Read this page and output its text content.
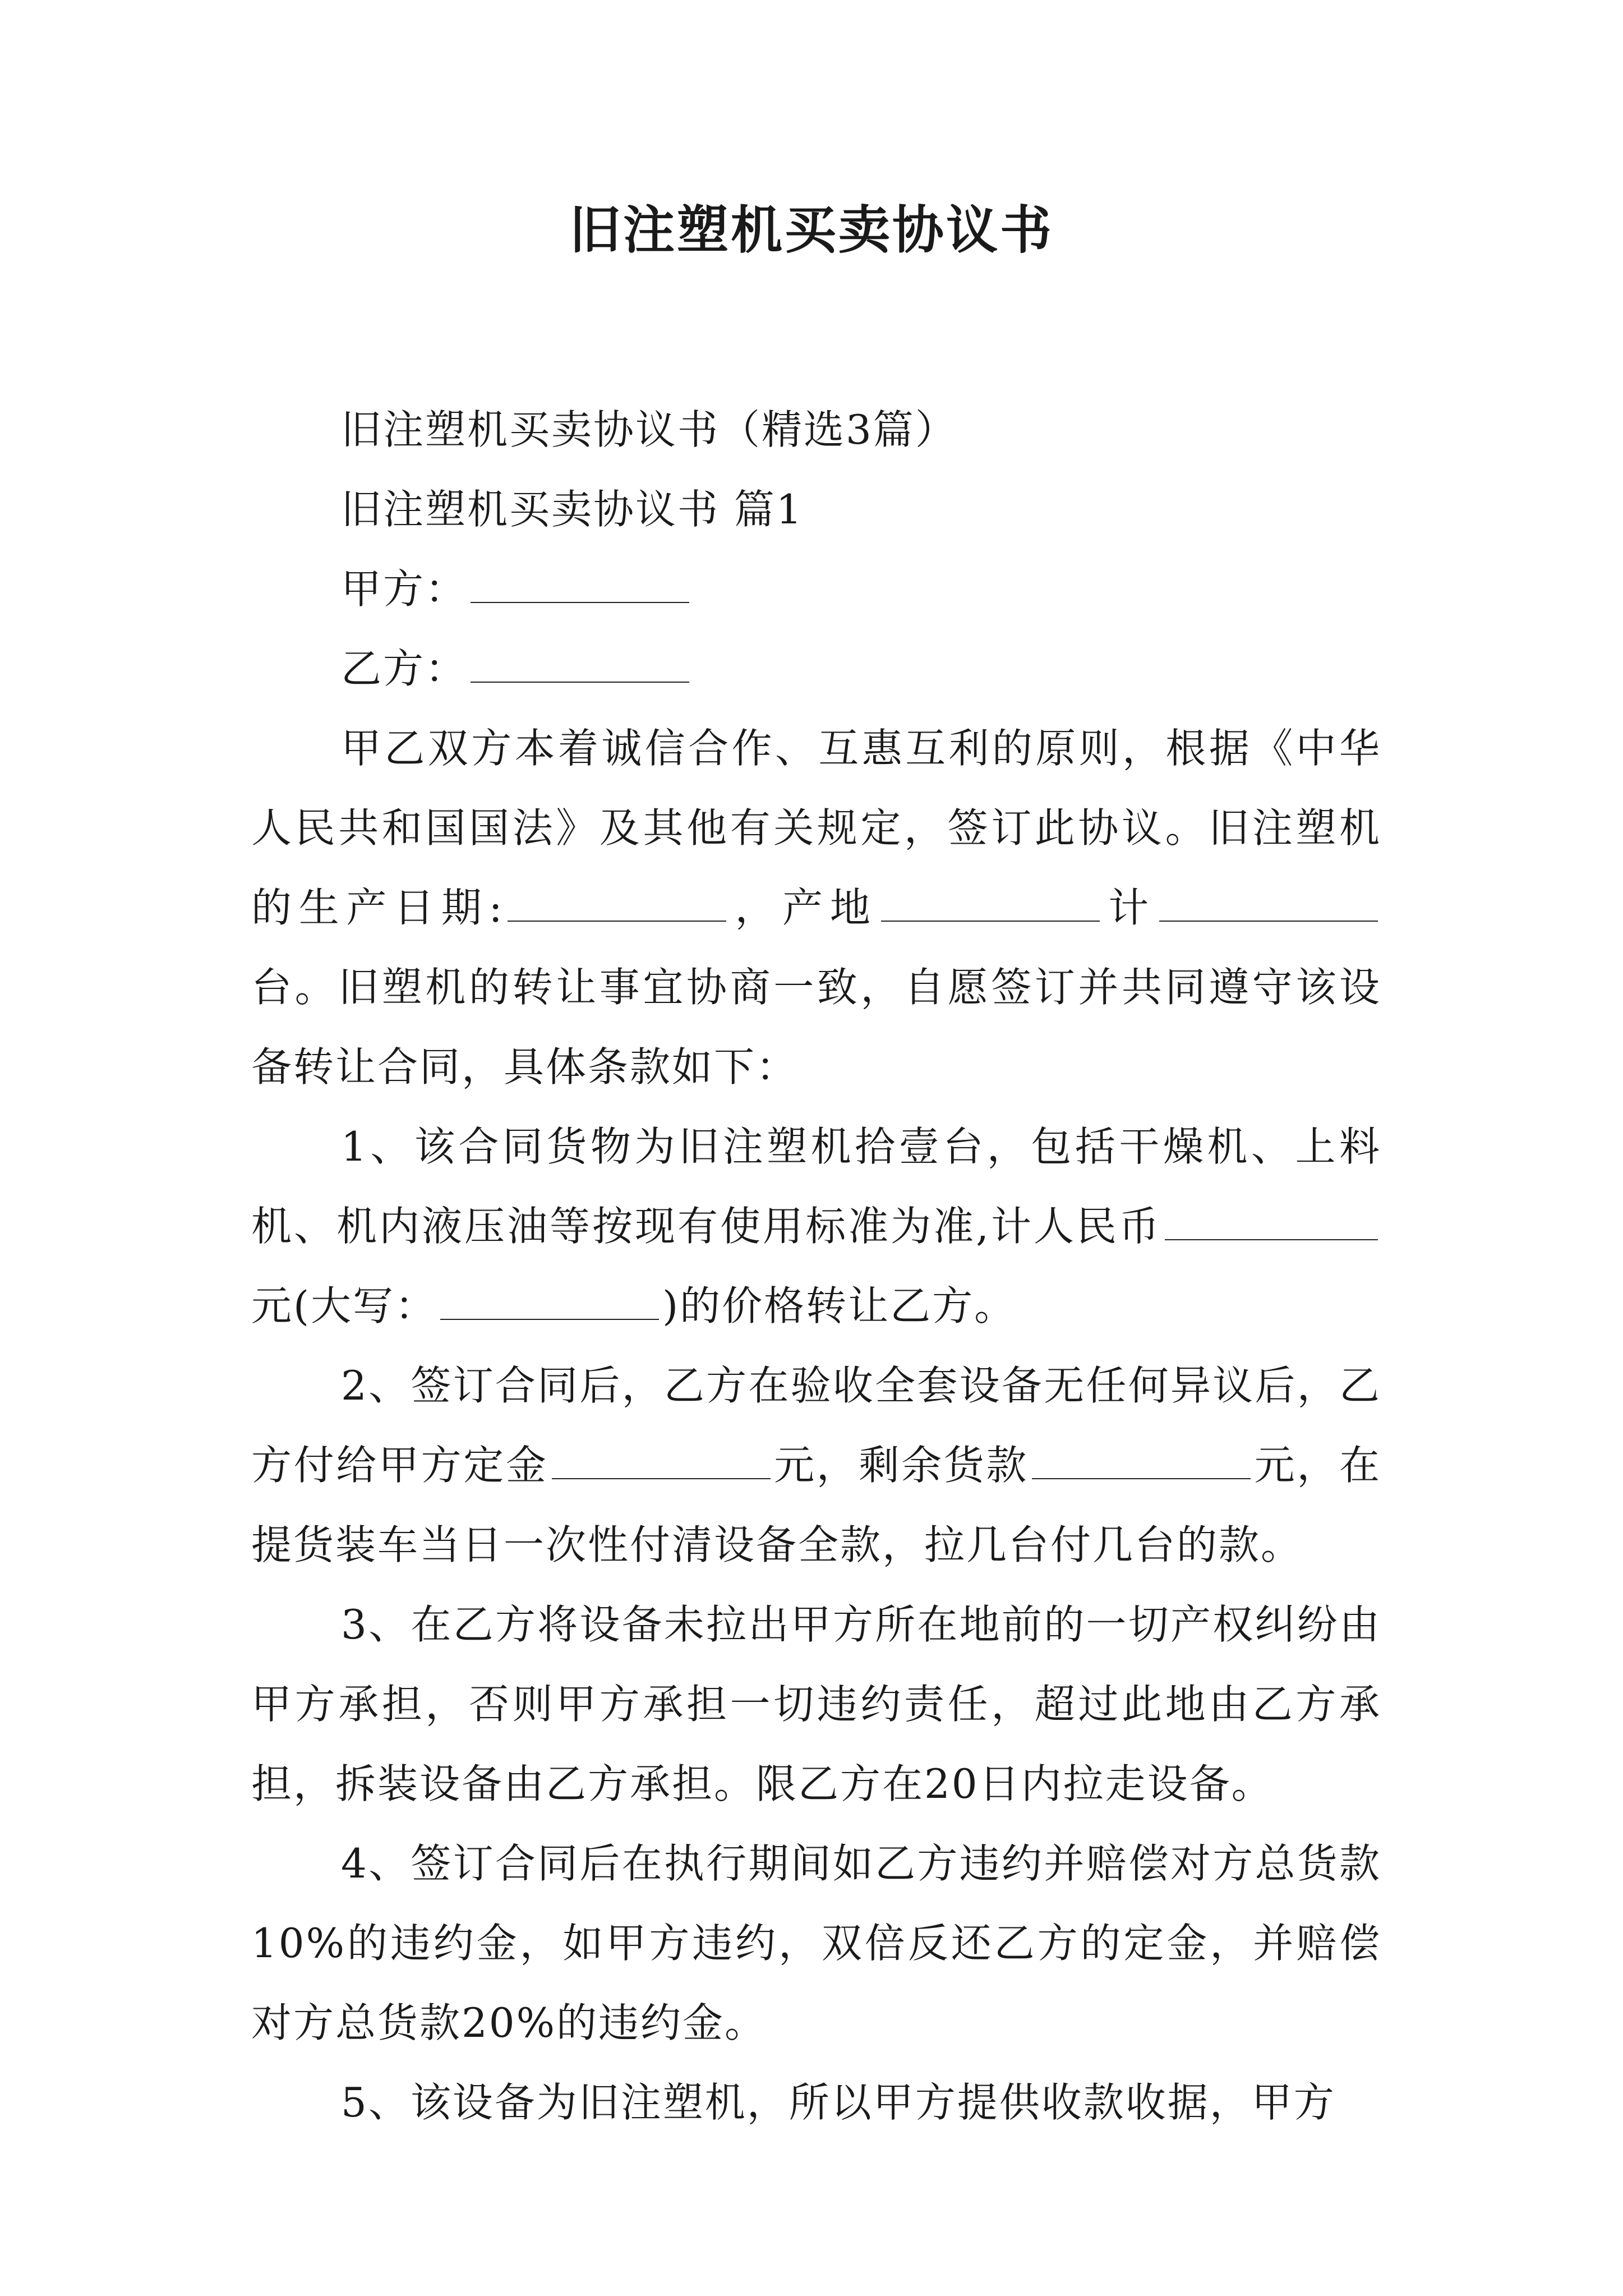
旧注塑机买卖协议书

旧注塑机买卖协议书（精选3篇）

旧注塑机买卖协议书 篇1

甲方：

乙方：

甲乙双方本着诚信合作、互惠互利的原则，根据《中华人民共和国国法》及其他有关规定，签订此协议。旧注塑机的生产日期:	，产地	计台。旧塑机的转让事宜协商一致，自愿签订并共同遵守该设备转让合同，具体条款如下：

1、该合同货物为旧注塑机拾壹台，包括干燥机、上料机、机内液压油等按现有使用标准为准,计人民币元(大写：	)的价格转让乙方。

2、签订合同后，乙方在验收全套设备无任何异议后，乙方付给甲方定金	元，剩余货款	元，在提货装车当日一次性付清设备全款，拉几台付几台的款。

3、在乙方将设备未拉出甲方所在地前的一切产权纠纷由甲方承担，否则甲方承担一切违约责任，超过此地由乙方承担，拆装设备由乙方承担。限乙方在20日内拉走设备。

4、签订合同后在执行期间如乙方违约并赔偿对方总货款10%的违约金，如甲方违约，双倍反还乙方的定金，并赔偿对方总货款20%的违约金。

5、该设备为旧注塑机，所以甲方提供收款收据，甲方
